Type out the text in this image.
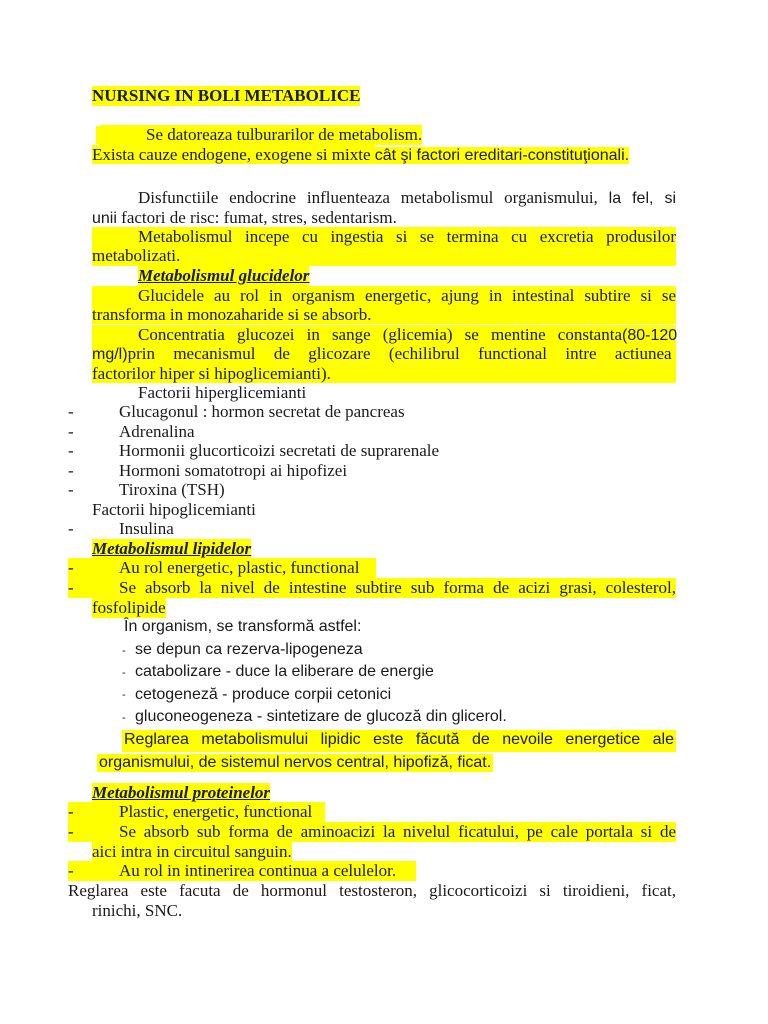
NURSING IN BOLI METABOLICE
Se datoreaza tulburarilor de metabolism.
Exista cauze endogene, exogene si mixte cât şi factori ereditari-constituţionali.
Disfunctiile endocrine influenteaza metabolismul organismului, la fel, si
unii factori de risc: fumat, stres, sedentarism.
Metabolismul incepe cu ingestia si se termina cu excretia produsilor
metabolizati.
Metabolismul glucidelor
Glucidele au rol in organism energetic, ajung in intestinal subtire si se
transforma in monozaharide si se absorb.
Concentratia glucozei in sange (glicemia) se mentine constanta(80-120
mg/l)prin mecanismul de glicozare (echilibrul functional intre actiunea
factorilor hiper si hipoglicemianti).
Factorii hiperglicemianti
-	Glucagonul : hormon secretat de pancreas
-	Adrenalina
-	Hormonii glucorticoizi secretati de suprarenale
-	Hormoni somatotropi ai hipofizei
-	Tiroxina (TSH)
Factorii hipoglicemianti
-	Insulina
Metabolismul lipidelor
-	Au rol energetic, plastic, functional
-	Se absorb la nivel de intestine subtire sub forma de acizi grasi, colesterol,
fosfolipide
În organism, se transformă astfel:
- se depun ca rezerva-lipogeneza
- catabolizare - duce la eliberare de energie
- cetogeneză - produce corpii cetonici
- gluconeogeneza - sintetizare de glucoză din glicerol.
Reglarea metabolismului lipidic este făcută de nevoile energetice ale
organismului, de sistemul nervos central, hipofiză, ficat.
Metabolismul proteinelor
-	Plastic, energetic, functional
-	Se absorb sub forma de aminoacizi la nivelul ficatului, pe cale portala si de
aici intra in circuitul sanguin.
-	Au rol in intinerirea continua a celulelor.
Reglarea este facuta de hormonul testosteron, glicocorticoizi si tiroidieni, ficat,
rinichi, SNC.
